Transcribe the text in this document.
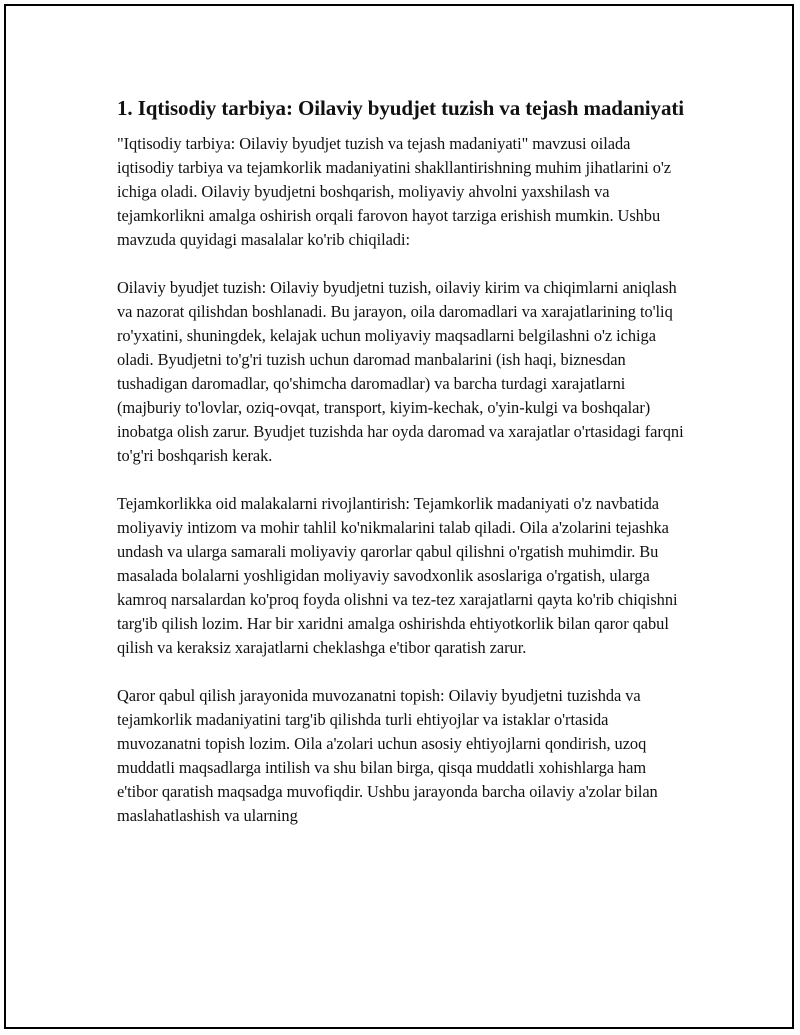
1. Iqtisodiy tarbiya: Oilaviy byudjet tuzish va tejash madaniyati

"Iqtisodiy tarbiya: Oilaviy byudjet tuzish va tejash madaniyati" mavzusi oilada iqtisodiy tarbiya va tejamkorlik madaniyatini shakllantirishning muhim jihatlarini o'z ichiga oladi. Oilaviy byudjetni boshqarish, moliyaviy ahvolni yaxshilash va tejamkorlikni amalga oshirish orqali farovon hayot tarziga erishish mumkin. Ushbu mavzuda quyidagi masalalar ko'rib chiqiladi:

Oilaviy byudjet tuzish: Oilaviy byudjetni tuzish, oilaviy kirim va chiqimlarni aniqlash va nazorat qilishdan boshlanadi. Bu jarayon, oila daromadlari va xarajatlarining to'liq ro'yxatini, shuningdek, kelajak uchun moliyaviy maqsadlarni belgilashni o'z ichiga oladi. Byudjetni to'g'ri tuzish uchun daromad manbalarini (ish haqi, biznesdan tushadigan daromadlar, qo'shimcha daromadlar) va barcha turdagi xarajatlarni (majburiy to'lovlar, oziq-ovqat, transport, kiyim-kechak, o'yin-kulgi va boshqalar) inobatga olish zarur. Byudjet tuzishda har oyda daromad va xarajatlar o'rtasidagi farqni to'g'ri boshqarish kerak.

Tejamkorlikka oid malakalarni rivojlantirish: Tejamkorlik madaniyati o'z navbatida moliyaviy intizom va mohir tahlil ko'nikmalarini talab qiladi. Oila a'zolarini tejashka undash va ularga samarali moliyaviy qarorlar qabul qilishni o'rgatish muhimdir. Bu masalada bolalarni yoshligidan moliyaviy savodxonlik asoslariga o'rgatish, ularga kamroq narsalardan ko'proq foyda olishni va tez-tez xarajatlarni qayta ko'rib chiqishni targ'ib qilish lozim. Har bir xaridni amalga oshirishda ehtiyotkorlik bilan qaror qabul qilish va keraksiz xarajatlarni cheklashga e'tibor qaratish zarur.

Qaror qabul qilish jarayonida muvozanatni topish: Oilaviy byudjetni tuzishda va tejamkorlik madaniyatini targ'ib qilishda turli ehtiyojlar va istaklar o'rtasida muvozanatni topish lozim. Oila a'zolari uchun asosiy ehtiyojlarni qondirish, uzoq muddatli maqsadlarga intilish va shu bilan birga, qisqa muddatli xohishlarga ham e'tibor qaratish maqsadga muvofiqdir. Ushbu jarayonda barcha oilaviy a'zolar bilan maslahatlashish va ularning
